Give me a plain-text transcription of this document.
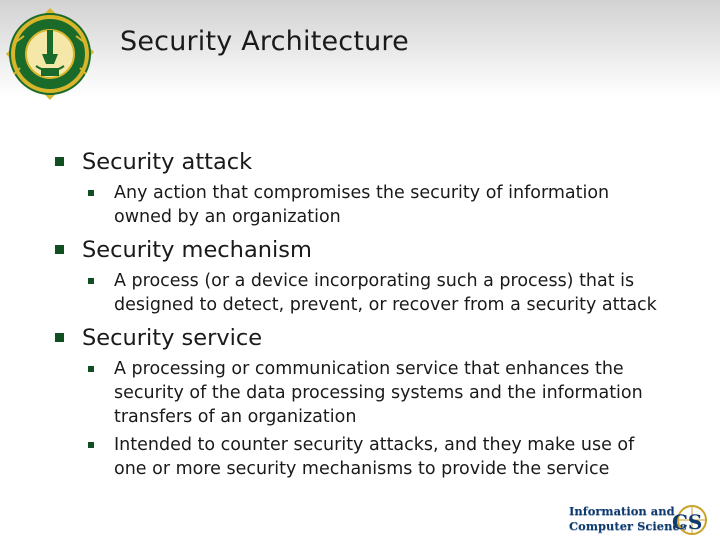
Security Architecture
Security attack
Any action that compromises the security of information
owned by an organization
Security mechanism
A process (or a device incorporating such a process) that is
designed to detect, prevent, or recover from a security attack
Security service
A processing or communication service that enhances the
security of the data processing systems and the information
transfers of an organization
Intended to counter security attacks, and they make use of
one or more security mechanisms to provide the service
Information and
Computer Science
CS
